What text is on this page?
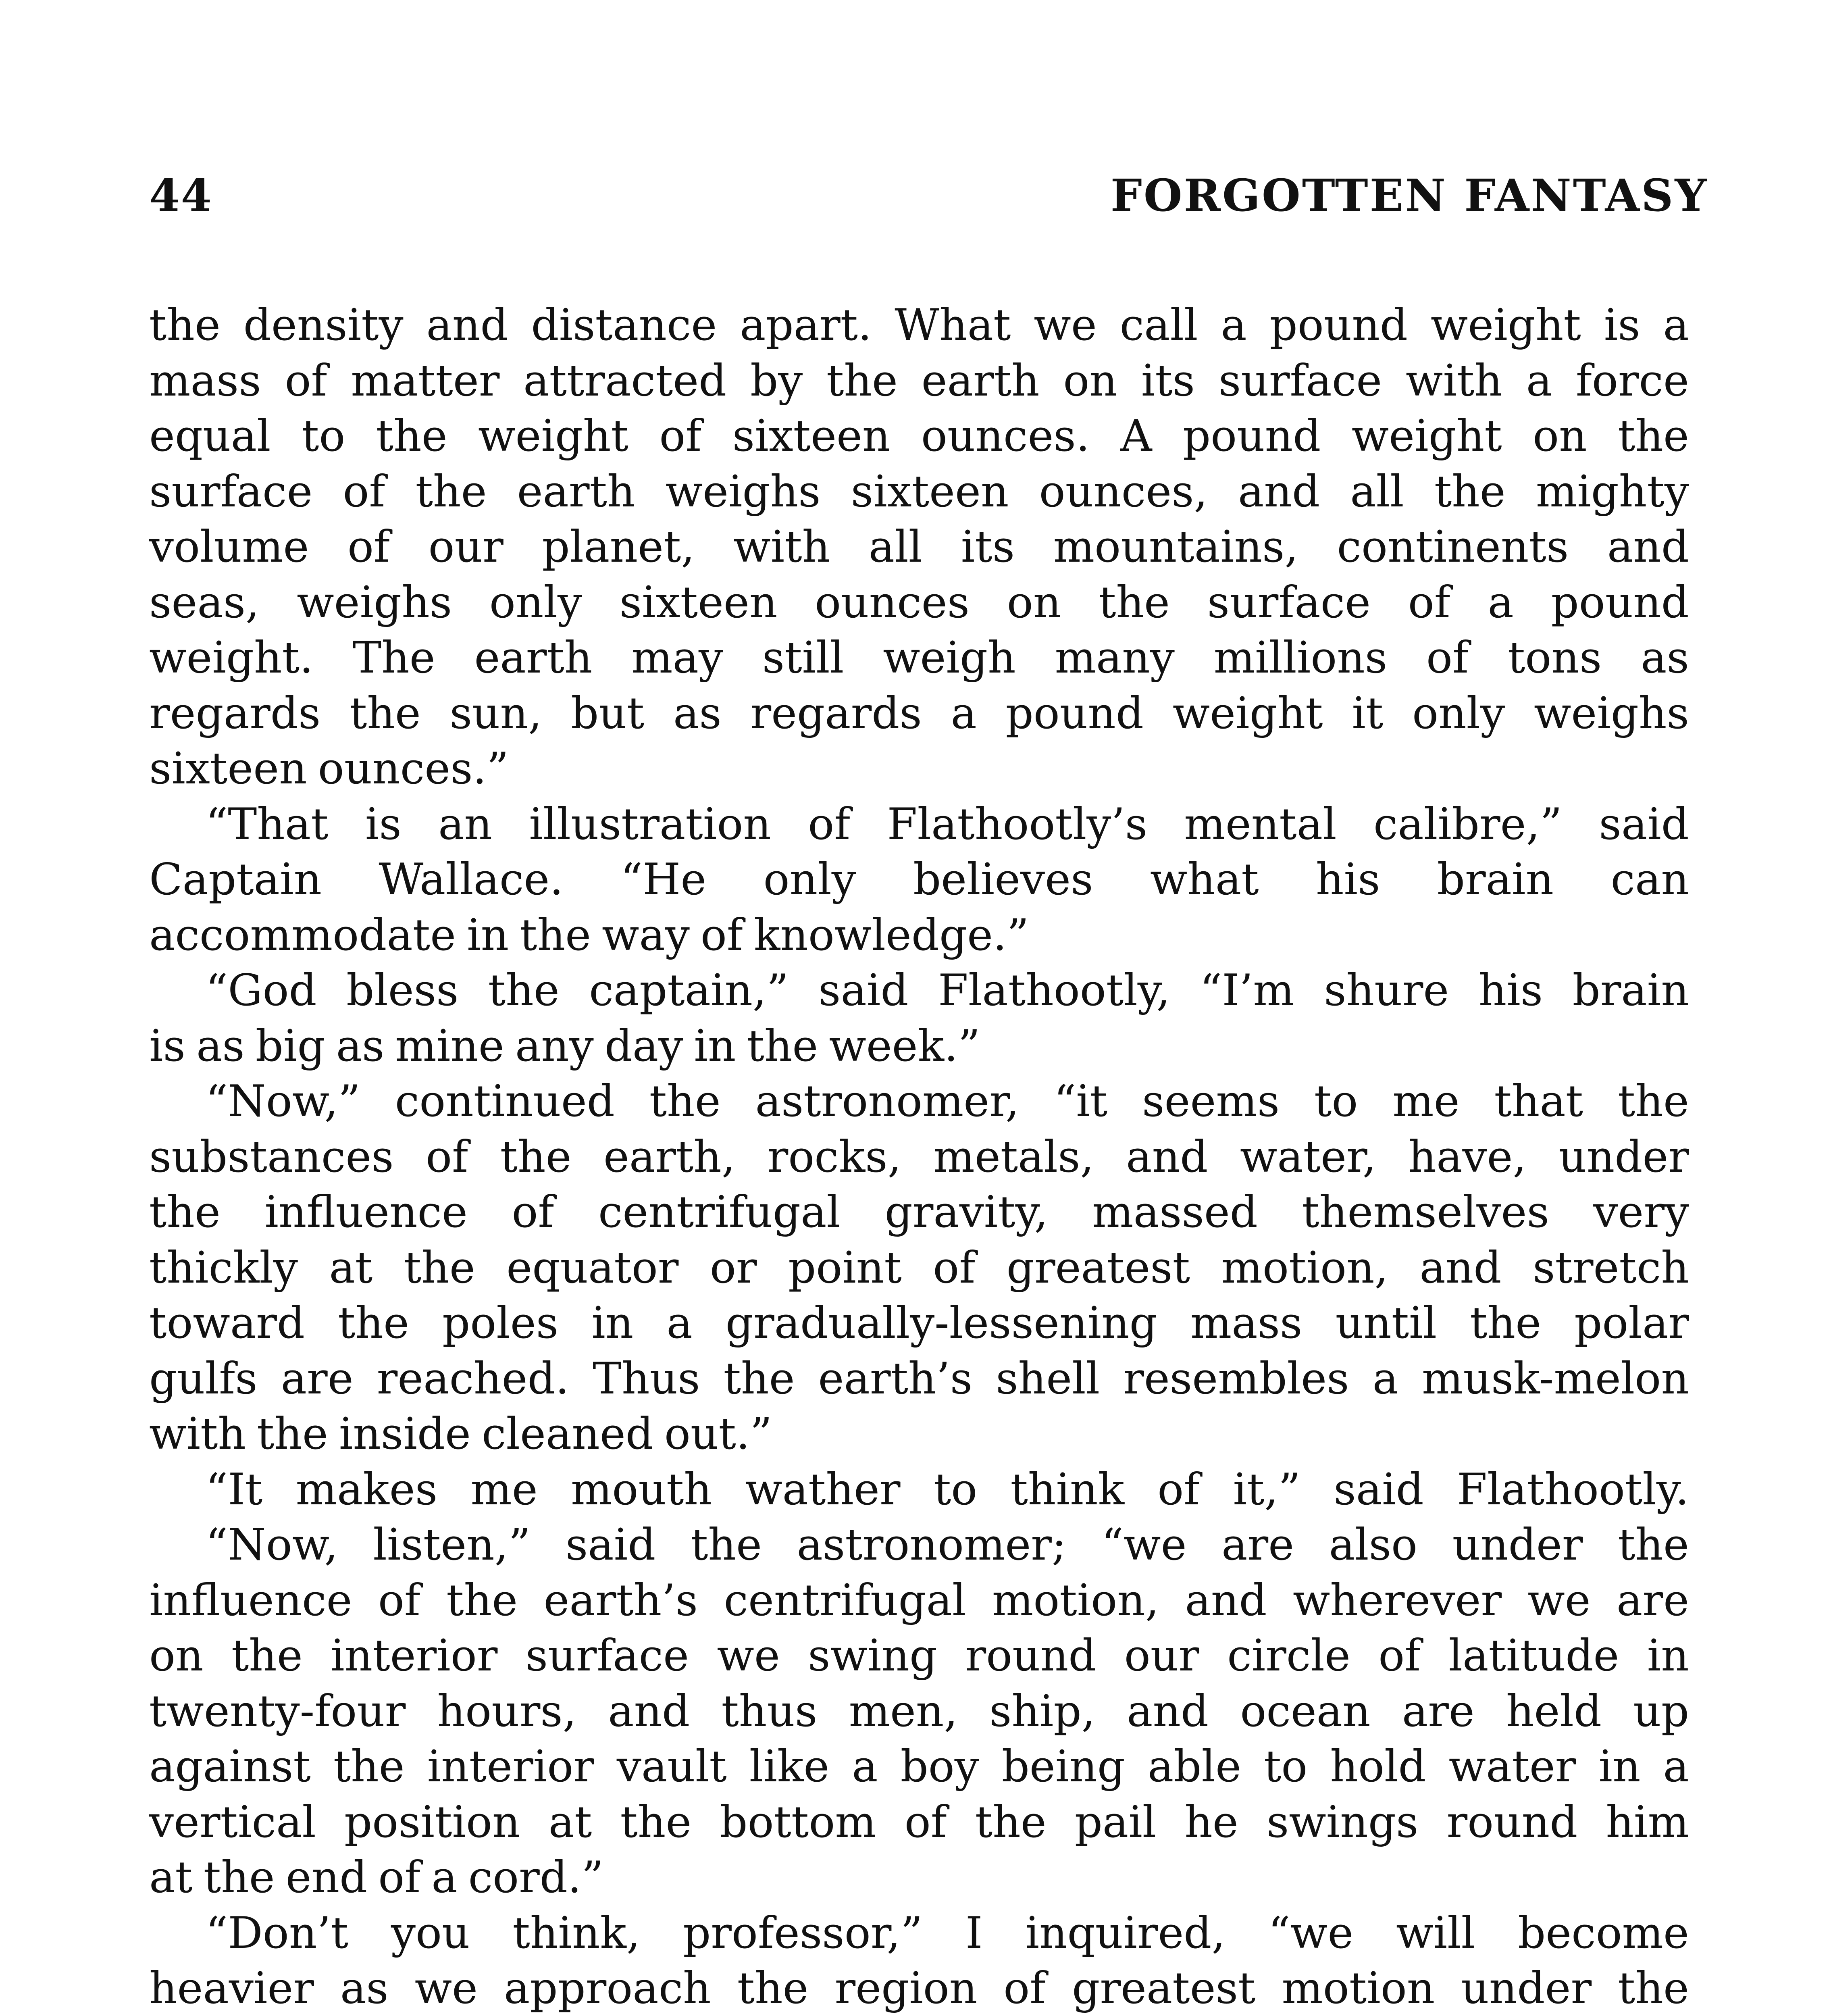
44	FORGOTTEN FANTASY
the density and distance apart. What we call a pound weight is a
mass of matter attracted by the earth on its surface with a force
equal to the weight of sixteen ounces. A pound weight on the
surface of the earth weighs sixteen ounces, and all the mighty
volume of our planet, with all its mountains, continents and
seas, weighs only sixteen ounces on the surface of a pound
weight. The earth may still weigh many millions of tons as
regards the sun, but as regards a pound weight it only weighs
sixteen ounces.”
“That is an illustration of Flathootly’s mental calibre,” said
Captain Wallace. “He only believes what his brain can
accommodate in the way of knowledge.”
“God bless the captain,” said Flathootly, “I’m shure his brain
is as big as mine any day in the week.”
“Now,” continued the astronomer, “it seems to me that the
substances of the earth, rocks, metals, and water, have, under
the influence of centrifugal gravity, massed themselves very
thickly at the equator or point of greatest motion, and stretch
toward the poles in a gradually-lessening mass until the polar
gulfs are reached. Thus the earth’s shell resembles a musk-melon
with the inside cleaned out.”
“It makes me mouth wather to think of it,” said Flathootly.
“Now, listen,” said the astronomer; “we are also under the
influence of the earth’s centrifugal motion, and wherever we are
on the interior surface we swing round our circle of latitude in
twenty-four hours, and thus men, ship, and ocean are held up
against the interior vault like a boy being able to hold water in a
vertical position at the bottom of the pail he swings round him
at the end of a cord.”
“Don’t you think, professor,” I inquired, “we will become
heavier as we approach the region of greatest motion under the
